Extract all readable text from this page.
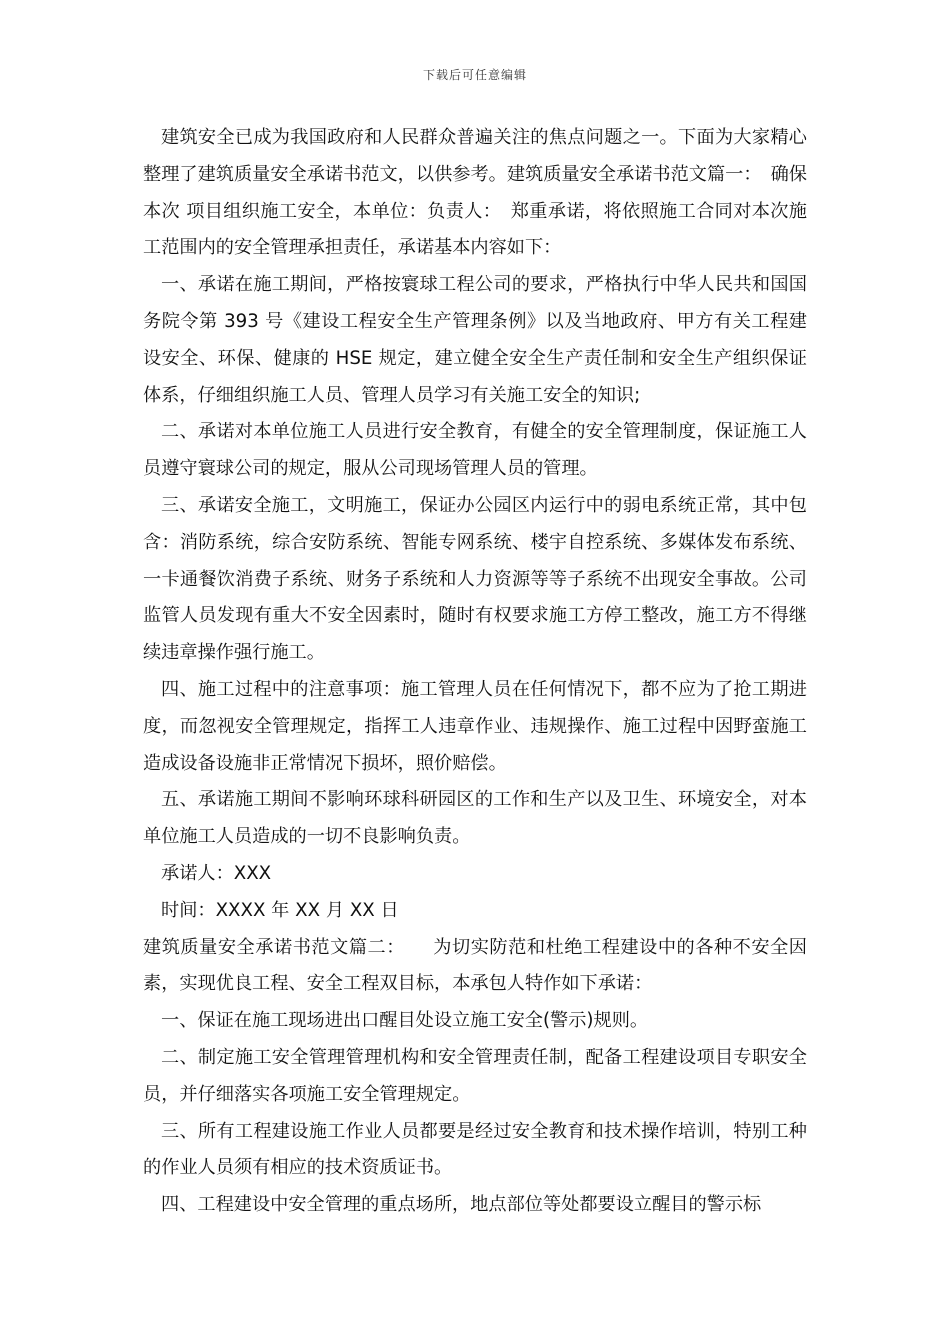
下载后可任意编辑

建筑安全已成为我国政府和人民群众普遍关注的焦点问题之一。下面为大家精心整理了建筑质量安全承诺书范文，以供参考。建筑质量安全承诺书范文篇一：　确保本次 项目组织施工安全，本单位：负责人：　郑重承诺，将依照施工合同对本次施工范围内的安全管理承担责任，承诺基本内容如下：

一、承诺在施工期间，严格按寰球工程公司的要求，严格执行中华人民共和国国务院令第 393 号《建设工程安全生产管理条例》以及当地政府、甲方有关工程建设安全、环保、健康的 HSE 规定，建立健全安全生产责任制和安全生产组织保证体系，仔细组织施工人员、管理人员学习有关施工安全的知识;

二、承诺对本单位施工人员进行安全教育，有健全的安全管理制度，保证施工人员遵守寰球公司的规定，服从公司现场管理人员的管理。

三、承诺安全施工，文明施工，保证办公园区内运行中的弱电系统正常，其中包含：消防系统，综合安防系统、智能专网系统、楼宇自控系统、多媒体发布系统、一卡通餐饮消费子系统、财务子系统和人力资源等等子系统不出现安全事故。公司监管人员发现有重大不安全因素时，随时有权要求施工方停工整改，施工方不得继续违章操作强行施工。

四、施工过程中的注意事项：施工管理人员在任何情况下，都不应为了抢工期进度，而忽视安全管理规定，指挥工人违章作业、违规操作、施工过程中因野蛮施工造成设备设施非正常情况下损坏，照价赔偿。

五、承诺施工期间不影响环球科研园区的工作和生产以及卫生、环境安全，对本单位施工人员造成的一切不良影响负责。

承诺人：XXX

时间：XXXX 年 XX 月 XX 日

建筑质量安全承诺书范文篇二：　　为切实防范和杜绝工程建设中的各种不安全因素，实现优良工程、安全工程双目标，本承包人特作如下承诺：

一、保证在施工现场进出口醒目处设立施工安全(警示)规则。

二、制定施工安全管理管理机构和安全管理责任制，配备工程建设项目专职安全员，并仔细落实各项施工安全管理规定。

三、所有工程建设施工作业人员都要是经过安全教育和技术操作培训，特别工种的作业人员须有相应的技术资质证书。

四、工程建设中安全管理的重点场所，地点部位等处都要设立醒目的警示标
